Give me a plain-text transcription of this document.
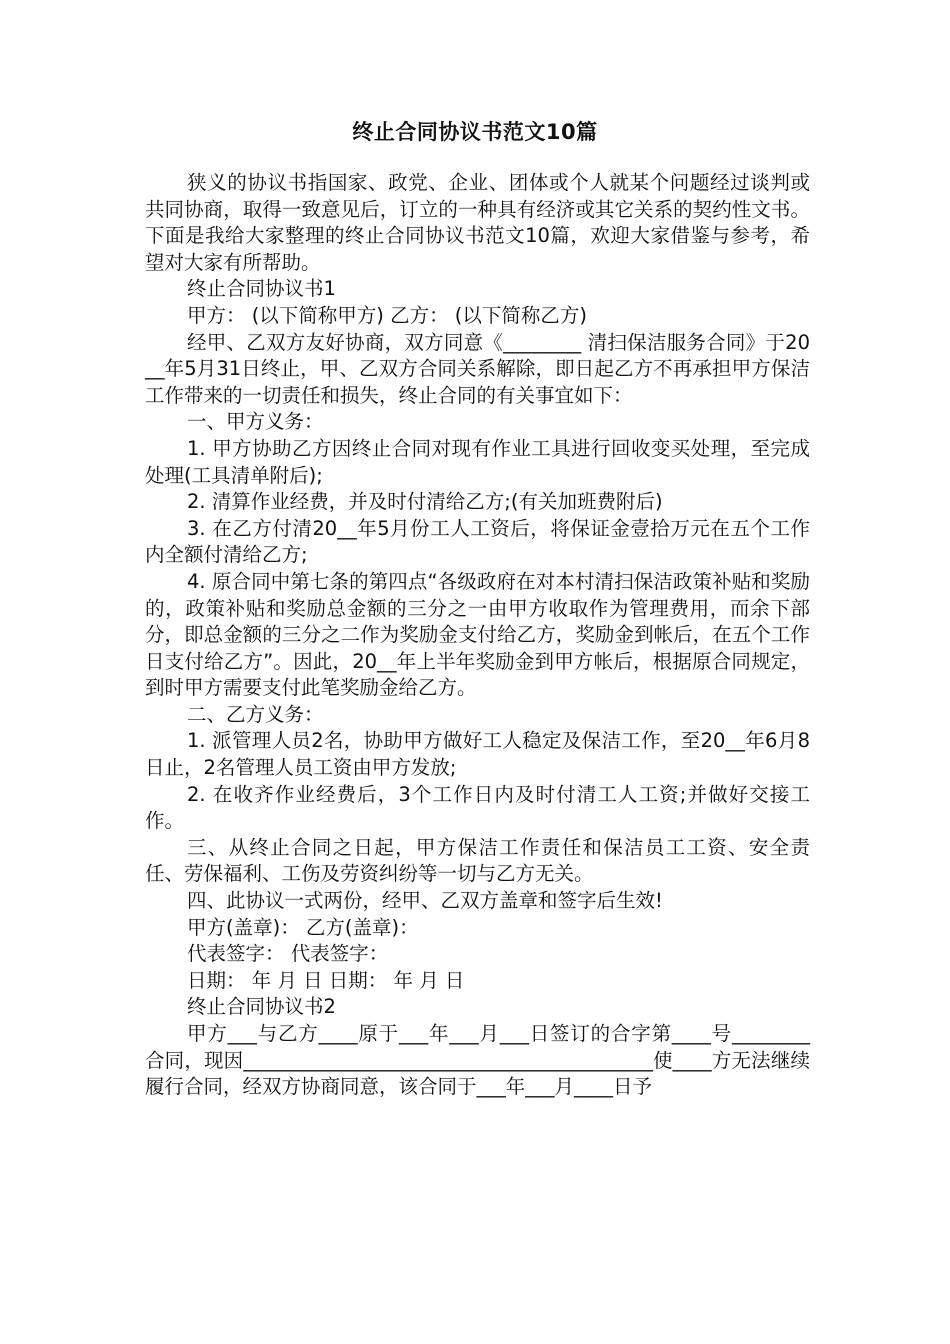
终止合同协议书范文10篇

狭义的协议书指国家、政党、企业、团体或个人就某个问题经过谈判或共同协商，取得一致意见后，订立的一种具有经济或其它关系的契约性文书。下面是我给大家整理的终止合同协议书范文10篇，欢迎大家借鉴与参考，希望对大家有所帮助。

终止合同协议书1

甲方： (以下简称甲方) 乙方： (以下简称乙方)

经甲、乙双方友好协商，双方同意《________ 清扫保洁服务合同》于20__年5月31日终止，甲、乙双方合同关系解除，即日起乙方不再承担甲方保洁工作带来的一切责任和损失，终止合同的有关事宜如下：

一、甲方义务：

1. 甲方协助乙方因终止合同对现有作业工具进行回收变买处理，至完成处理(工具清单附后);

2. 清算作业经费，并及时付清给乙方;(有关加班费附后)

3. 在乙方付清20__年5月份工人工资后，将保证金壹拾万元在五个工作内全额付清给乙方;

4. 原合同中第七条的第四点“各级政府在对本村清扫保洁政策补贴和奖励的，政策补贴和奖励总金额的三分之一由甲方收取作为管理费用，而余下部分，即总金额的三分之二作为奖励金支付给乙方，奖励金到帐后，在五个工作日支付给乙方”。因此，20__年上半年奖励金到甲方帐后，根据原合同规定，到时甲方需要支付此笔奖励金给乙方。

二、乙方义务：

1. 派管理人员2名，协助甲方做好工人稳定及保洁工作，至20__年6月8日止，2名管理人员工资由甲方发放;

2. 在收齐作业经费后，3个工作日内及时付清工人工资;并做好交接工作。

三、从终止合同之日起，甲方保洁工作责任和保洁员工工资、安全责任、劳保福利、工伤及劳资纠纷等一切与乙方无关。

四、此协议一式两份，经甲、乙双方盖章和签字后生效!

甲方(盖章)： 乙方(盖章)：

代表签字： 代表签字：

日期： 年 月 日 日期： 年 月 日

终止合同协议书2

甲方___与乙方____原于___年___月___日签订的合字第____号________合同，现因__________________________________________使____方无法继续履行合同，经双方协商同意，该合同于___年___月____日予
